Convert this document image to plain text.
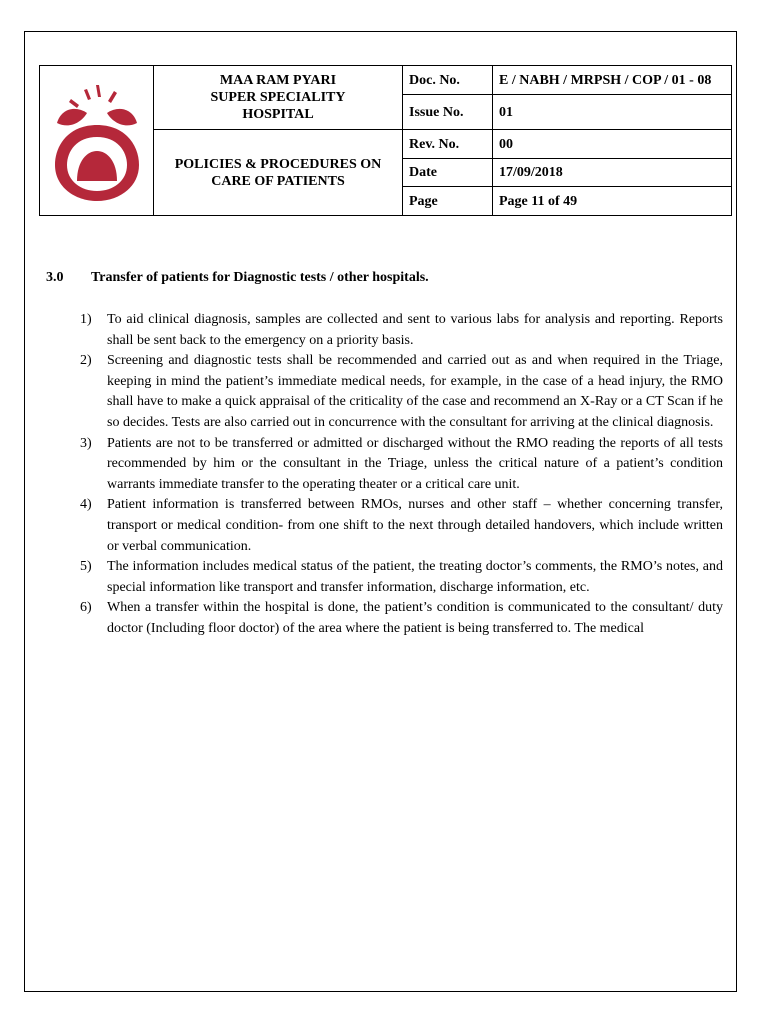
MAA RAM PYARI
SUPER SPECIALITY
HOSPITAL	Doc. No.	E / NABH / MRPSH / COP / 01 - 08
		Issue No.	01

	POLICIES & PROCEDURES ON
CARE OF PATIENTS	Rev. No.	00
		Date	17/09/2018
		Page	Page 11 of 49
3.0 Transfer of patients for Diagnostic tests / other hospitals.
1) To aid clinical diagnosis, samples are collected and sent to various labs for analysis and reporting. Reports shall be sent back to the emergency on a priority basis.
2) Screening and diagnostic tests shall be recommended and carried out as and when required in the Triage, keeping in mind the patient’s immediate medical needs, for example, in the case of a head injury, the RMO shall have to make a quick appraisal of the criticality of the case and recommend an X-Ray or a CT Scan if he so decides. Tests are also carried out in concurrence with the consultant for arriving at the clinical diagnosis.
3) Patients are not to be transferred or admitted or discharged without the RMO reading the reports of all tests recommended by him or the consultant in the Triage, unless the critical nature of a patient’s condition warrants immediate transfer to the operating theater or a critical care unit.
4) Patient information is transferred between RMOs, nurses and other staff – whether concerning transfer, transport or medical condition- from one shift to the next through detailed handovers, which include written or verbal communication.
5) The information includes medical status of the patient, the treating doctor’s comments, the RMO’s notes, and special information like transport and transfer information, discharge information, etc.
6) When a transfer within the hospital is done, the patient’s condition is communicated to the consultant/ duty doctor (Including floor doctor) of the area where the patient is being transferred to. The medical
